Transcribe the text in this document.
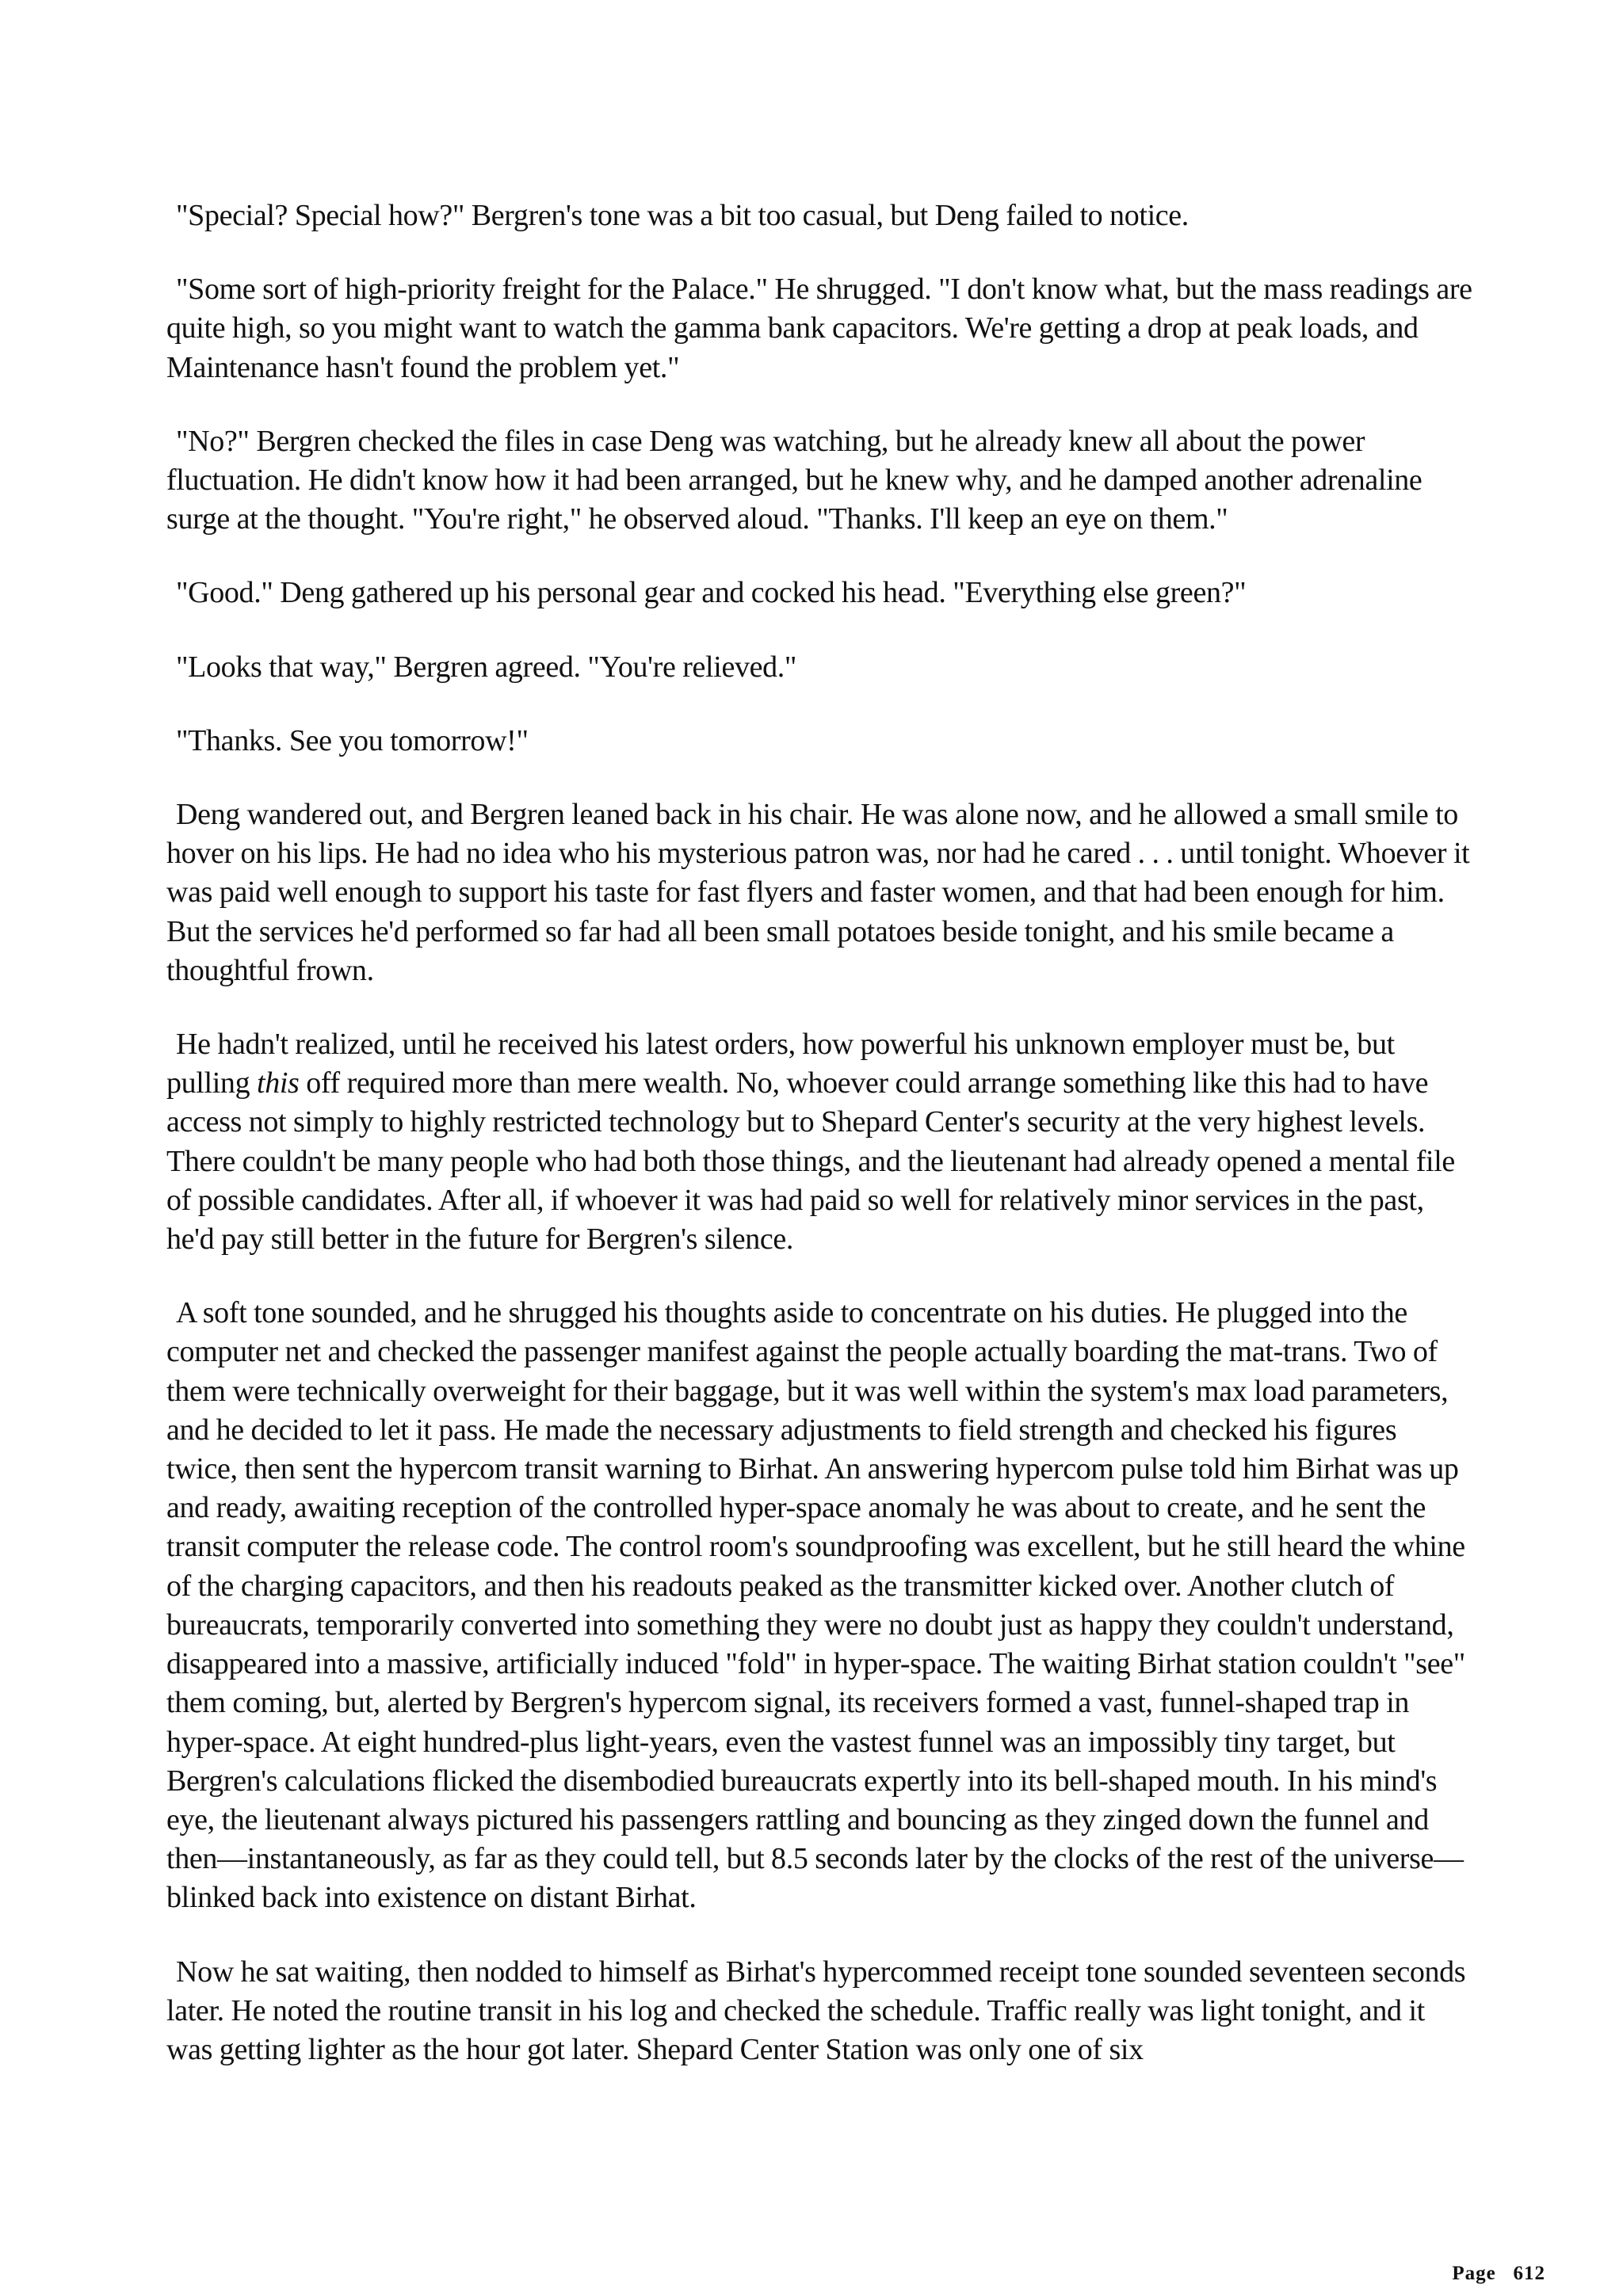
"Special? Special how?" Bergren's tone was a bit too casual, but Deng failed to notice.

"Some sort of high-priority freight for the Palace." He shrugged. "I don't know what, but the mass readings are quite high, so you might want to watch the gamma bank capacitors. We're getting a drop at peak loads, and Maintenance hasn't found the problem yet."

"No?" Bergren checked the files in case Deng was watching, but he already knew all about the power fluctuation. He didn't know how it had been arranged, but he knew why, and he damped another adrenaline surge at the thought. "You're right," he observed aloud. "Thanks. I'll keep an eye on them."

"Good." Deng gathered up his personal gear and cocked his head. "Everything else green?"

"Looks that way," Bergren agreed. "You're relieved."

"Thanks. See you tomorrow!"

Deng wandered out, and Bergren leaned back in his chair. He was alone now, and he allowed a small smile to hover on his lips. He had no idea who his mysterious patron was, nor had he cared . . . until tonight. Whoever it was paid well enough to support his taste for fast flyers and faster women, and that had been enough for him. But the services he'd performed so far had all been small potatoes beside tonight, and his smile became a thoughtful frown.

He hadn't realized, until he received his latest orders, how powerful his unknown employer must be, but pulling this off required more than mere wealth. No, whoever could arrange something like this had to have access not simply to highly restricted technology but to Shepard Center's security at the very highest levels. There couldn't be many people who had both those things, and the lieutenant had already opened a mental file of possible candidates. After all, if whoever it was had paid so well for relatively minor services in the past, he'd pay still better in the future for Bergren's silence.

A soft tone sounded, and he shrugged his thoughts aside to concentrate on his duties. He plugged into the computer net and checked the passenger manifest against the people actually boarding the mat-trans. Two of them were technically overweight for their baggage, but it was well within the system's max load parameters, and he decided to let it pass. He made the necessary adjustments to field strength and checked his figures twice, then sent the hypercom transit warning to Birhat. An answering hypercom pulse told him Birhat was up and ready, awaiting reception of the controlled hyper-space anomaly he was about to create, and he sent the transit computer the release code. The control room's soundproofing was excellent, but he still heard the whine of the charging capacitors, and then his readouts peaked as the transmitter kicked over. Another clutch of bureaucrats, temporarily converted into something they were no doubt just as happy they couldn't understand, disappeared into a massive, artificially induced "fold" in hyper-space. The waiting Birhat station couldn't "see" them coming, but, alerted by Bergren's hypercom signal, its receivers formed a vast, funnel-shaped trap in hyper-space. At eight hundred-plus light-years, even the vastest funnel was an impossibly tiny target, but Bergren's calculations flicked the disembodied bureaucrats expertly into its bell-shaped mouth. In his mind's eye, the lieutenant always pictured his passengers rattling and bouncing as they zinged down the funnel and then—instantaneously, as far as they could tell, but 8.5 seconds later by the clocks of the rest of the universe—blinked back into existence on distant Birhat.

Now he sat waiting, then nodded to himself as Birhat's hypercommed receipt tone sounded seventeen seconds later. He noted the routine transit in his log and checked the schedule. Traffic really was light tonight, and it was getting lighter as the hour got later. Shepard Center Station was only one of six

Page 612
